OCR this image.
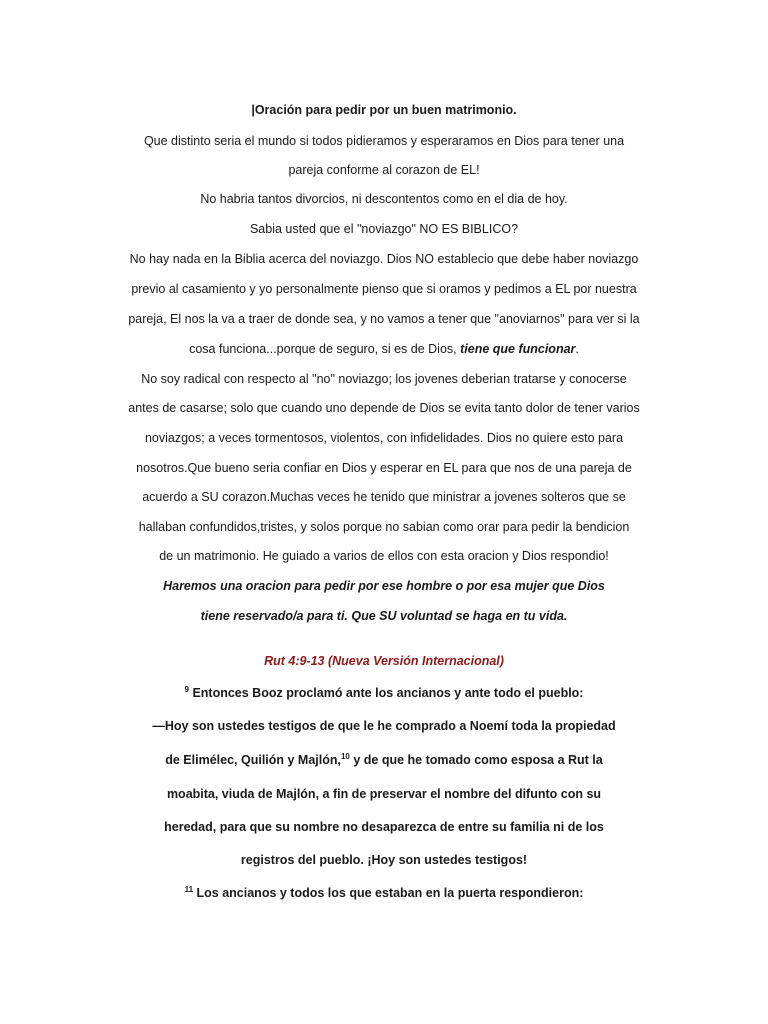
|Oración para pedir por un buen matrimonio.
Que distinto seria el mundo si todos pidieramos y esperaramos en Dios para tener una
pareja conforme al corazon de EL!
No habria tantos divorcios, ni descontentos como en el dia de hoy.
Sabia usted que el "noviazgo" NO ES BIBLICO?
No hay nada en la Biblia acerca del noviazgo. Dios NO establecio que debe haber noviazgo
previo al casamiento y yo personalmente pienso que si oramos y pedimos a EL por nuestra
pareja, El nos la va a traer de donde sea, y no vamos a tener que "anoviarnos" para ver si la
cosa funciona...porque de seguro, si es de Dios, tiene que funcionar.
No soy radical con respecto al "no" noviazgo; los jovenes deberian tratarse y conocerse
antes de casarse; solo que cuando uno depende de Dios se evita tanto dolor de tener varios
noviazgos; a veces tormentosos, violentos, con infidelidades. Dios no quiere esto para
nosotros.Que bueno seria confiar en Dios y esperar en EL para que nos de una pareja de
acuerdo a SU corazon.Muchas veces he tenido que ministrar a jovenes solteros que se
hallaban confundidos,tristes, y solos porque no sabian como orar para pedir la bendicion
de un matrimonio. He guiado a varios de ellos con esta oracion y Dios respondio!
Haremos una oracion para pedir por ese hombre o por esa mujer que Dios
tiene reservado/a para ti. Que SU voluntad se haga en tu vida.
Rut 4:9-13 (Nueva Versión Internacional)
$^9$ Entonces Booz proclamó ante los ancianos y ante todo el pueblo:
—Hoy son ustedes testigos de que le he comprado a Noemí toda la propiedad
de Elimélec, Quilión y Majlón,$^{10}$ y de que he tomado como esposa a Rut la
moabita, viuda de Majlón, a fin de preservar el nombre del difunto con su
heredad, para que su nombre no desaparezca de entre su familia ni de los
registros del pueblo. ¡Hoy son ustedes testigos!
$^{11}$ Los ancianos y todos los que estaban en la puerta respondieron:
